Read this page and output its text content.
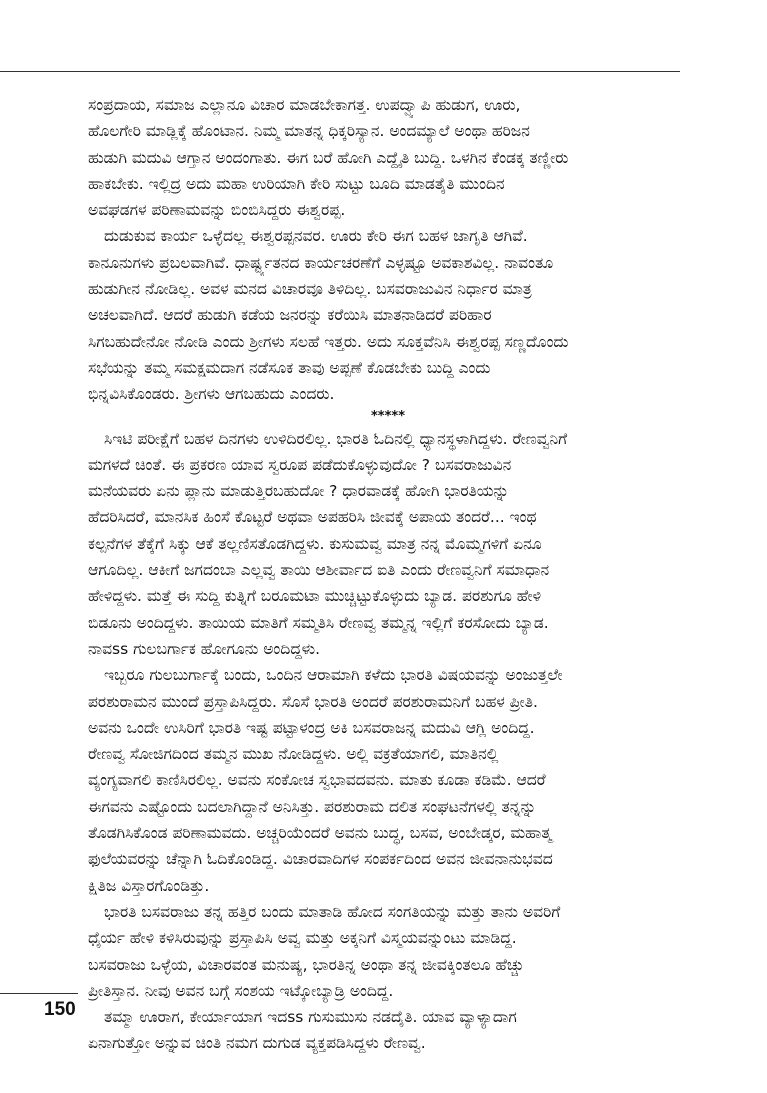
ಸಂಪ್ರದಾಯ, ಸಮಾಜ ಎಲ್ಲಾನೂ ವಿಚಾರ ಮಾಡಬೇಕಾಗತ್ತ. ಉಪದ್ವ್ಯಾಪಿ ಹುಡುಗ, ಊರು,
ಹೊಲಗೇರಿ ಮಾಡ್ಲಿಕ್ಕೆ ಹೊಂಟಾನ. ನಿಮ್ಮ ಮಾತನ್ನ ಧಿಕ್ಕರಿಸ್ಯಾನ. ಅಂದಮ್ಯಾಲೆ ಅಂಥಾ ಹರಿಜನ
ಹುಡುಗಿ ಮದುವಿ ಆಗ್ತಾನ ಅಂದಂಗಾತು. ಈಗ ಬರೆ ಹೋಗಿ ಎದ್ದೈತಿ ಬುದ್ದಿ. ಒಳಗಿನ ಕೆಂಡಕ್ಕ ತಣ್ಣೀರು
ಹಾಕಬೇಕು. ಇಲ್ಲಿದ್ರ ಅದು ಮಹಾ ಉರಿಯಾಗಿ ಕೇರಿ ಸುಟ್ಟು ಬೂದಿ ಮಾಡತೈತಿ ಮುಂದಿನ
ಅವಘಡಗಳ ಪರಿಣಾಮವನ್ನು ಬಿಂಬಿಸಿದ್ದರು ಈಶ್ವರಪ್ಪ.
ದುಡುಕುವ ಕಾರ್ಯ ಒಳ್ಳೆದಲ್ಲ ಈಶ್ವರಪ್ಪನವರ. ಊರು ಕೇರಿ ಈಗ ಬಹಳ ಜಾಗೃತಿ ಆಗಿವೆ.
ಕಾನೂನುಗಳು ಪ್ರಬಲವಾಗಿವೆ. ಧಾರ್ಷ್ಟ್ಯತನದ ಕಾರ್ಯಚರಣೆಗೆ ಎಳ್ಳಷ್ಟೂ ಅವಕಾಶವಿಲ್ಲ. ನಾವಂತೂ
ಹುಡುಗೀನ ನೋಡಿಲ್ಲ. ಅವಳ ಮನದ ವಿಚಾರವೂ ತಿಳಿದಿಲ್ಲ. ಬಸವರಾಜುವಿನ ನಿರ್ಧಾರ ಮಾತ್ರ
ಅಚಲವಾಗಿದೆ. ಆದರೆ ಹುಡುಗಿ ಕಡೆಯ ಜನರನ್ನು ಕರೆಯಿಸಿ ಮಾತನಾಡಿದರೆ ಪರಿಹಾರ
ಸಿಗಬಹುದೇನೋ ನೋಡಿ ಎಂದು ಶ್ರೀಗಳು ಸಲಹೆ ಇತ್ತರು. ಅದು ಸೂಕ್ತವೆನಿಸಿ ಈಶ್ವರಪ್ಪ ಸಣ್ಣದೊಂದು
ಸಭೆಯನ್ನು ತಮ್ಮ ಸಮಕ್ಷಮದಾಗ ನಡೆಸೂಕ ತಾವು ಅಪ್ಪಣೆ ಕೊಡಬೇಕು ಬುದ್ದಿ ಎಂದು
ಭಿನ್ನವಿಸಿಕೊಂಡರು. ಶ್ರೀಗಳು ಆಗಬಹುದು ಎಂದರು.
*****
ಸಿಇಟಿ ಪರೀಕ್ಷೆಗೆ ಬಹಳ ದಿನಗಳು ಉಳಿದಿರಲಿಲ್ಲ. ಭಾರತಿ ಓದಿನಲ್ಲಿ ಧ್ಯಾನಸ್ಥಳಾಗಿದ್ದಳು. ರೇಣವ್ವನಿಗೆ
ಮಗಳದೆ ಚಿಂತೆ. ಈ ಪ್ರಕರಣ ಯಾವ ಸ್ವರೂಪ ಪಡೆದುಕೊಳ್ಳುವುದೋ ? ಬಸವರಾಜುವಿನ
ಮನೆಯವರು ಏನು ಪ್ಲಾನು ಮಾಡುತ್ತಿರಬಹುದೋ ? ಧಾರವಾಡಕ್ಕೆ ಹೋಗಿ ಭಾರತಿಯನ್ನು
ಹೆದರಿಸಿದರೆ, ಮಾನಸಿಕ ಹಿಂಸೆ ಕೊಟ್ಟರೆ ಅಥವಾ ಅಪಹರಿಸಿ ಜೀವಕ್ಕೆ ಅಪಾಯ ತಂದರೆ... ಇಂಥ
ಕಲ್ಪನೆಗಳ ತೆಕ್ಕೆಗೆ ಸಿಕ್ಕು ಆಕೆ ತಲ್ಲಣಿಸತೊಡಗಿದ್ದಳು. ಕುಸುಮವ್ವ ಮಾತ್ರ ನನ್ನ ಮೊಮ್ಮಗಳಿಗೆ ಏನೂ
ಆಗೂದಿಲ್ಲ. ಆಕೀಗೆ ಜಗದಂಬಾ ಎಲ್ಲವ್ವ ತಾಯಿ ಆಶೀರ್ವಾದ ಐತಿ ಎಂದು ರೇಣವ್ವನಿಗೆ ಸಮಾಧಾನ
ಹೇಳಿದ್ದಳು. ಮತ್ತೆ ಈ ಸುದ್ದಿ ಕುತ್ನಿಗೆ ಬರೂಮಟಾ ಮುಚ್ಚಿಟ್ಟುಕೊಳ್ಳುದು ಬ್ಯಾಡ. ಪರಶುಗೂ ಹೇಳಿ
ಬಿಡೂನು ಅಂದಿದ್ದಳು. ತಾಯಿಯ ಮಾತಿಗೆ ಸಮ್ಮತಿಸಿ ರೇಣವ್ವ ತಮ್ಮನ್ನ ಇಲ್ಲಿಗೆ ಕರಸೋದು ಬ್ಯಾಡ.
ನಾವss ಗುಲಬರ್ಗಾಕ ಹೋಗೂನು ಅಂದಿದ್ದಳು.
ಇಬ್ಬರೂ ಗುಲಬುರ್ಗಾಕ್ಕೆ ಬಂದು, ಒಂದಿನ ಆರಾಮಾಗಿ ಕಳೆದು ಭಾರತಿ ವಿಷಯವನ್ನು ಅಂಜುತ್ತಲೇ
ಪರಶುರಾಮನ ಮುಂದೆ ಪ್ರಸ್ತಾಪಿಸಿದ್ದರು. ಸೊಸೆ ಭಾರತಿ ಅಂದರೆ ಪರಶುರಾಮನಿಗೆ ಬಹಳ ಪ್ರೀತಿ.
ಅವನು ಒಂದೇ ಉಸಿರಿಗೆ ಭಾರತಿ ಇಷ್ಟ ಪಟ್ಟಾಳಂದ್ರ ಅಕಿ ಬಸವರಾಜನ್ನ ಮದುವಿ ಆಗ್ಲಿ ಅಂದಿದ್ದ.
ರೇಣವ್ವ ಸೋಜಿಗದಿಂದ ತಮ್ಮನ ಮುಖ ನೋಡಿದ್ದಳು. ಅಲ್ಲಿ ವಕ್ರತೆಯಾಗಲಿ, ಮಾತಿನಲ್ಲಿ
ವ್ಯಂಗ್ಯವಾಗಲಿ ಕಾಣಿಸಿರಲಿಲ್ಲ. ಅವನು ಸಂಕೋಚ ಸ್ವಭಾವದವನು. ಮಾತು ಕೂಡಾ ಕಡಿಮೆ. ಆದರೆ
ಈಗವನು ಎಷ್ಟೊಂದು ಬದಲಾಗಿದ್ದಾನೆ ಅನಿಸಿತ್ತು. ಪರಶುರಾಮ ದಲಿತ ಸಂಘಟನೆಗಳಲ್ಲಿ ತನ್ನನ್ನು
ತೊಡಗಿಸಿಕೊಂಡ ಪರಿಣಾಮವದು. ಅಚ್ಚರಿಯೆಂದರೆ ಅವನು ಬುದ್ಧ, ಬಸವ, ಅಂಬೇಡ್ಕರ, ಮಹಾತ್ಮ
ಫುಲೆಯವರನ್ನು ಚೆನ್ನಾಗಿ ಓದಿಕೊಂಡಿದ್ದ. ವಿಚಾರವಾದಿಗಳ ಸಂಪರ್ಕದಿಂದ ಅವನ ಜೀವನಾನುಭವದ
ಕ್ಷಿತಿಜ ವಿಸ್ತಾರಗೊಂಡಿತ್ತು.
ಭಾರತಿ ಬಸವರಾಜು ತನ್ನ ಹತ್ತಿರ ಬಂದು ಮಾತಾಡಿ ಹೋದ ಸಂಗತಿಯನ್ನು ಮತ್ತು ತಾನು ಅವರಿಗೆ
ಧೈರ್ಯ ಹೇಳಿ ಕಳಿಸಿರುವುನ್ನು ಪ್ರಸ್ತಾಪಿಸಿ ಅವ್ವ ಮತ್ತು ಅಕ್ಕನಿಗೆ ವಿಸ್ಮಯವನ್ನುಂಟು ಮಾಡಿದ್ದ.
ಬಸವರಾಜು ಒಳ್ಳೆಯ, ವಿಚಾರವಂತ ಮನುಷ್ಯ, ಭಾರತಿನ್ನ ಅಂಥಾ ತನ್ನ ಜೀವಕ್ಕಿಂತಲೂ ಹೆಚ್ಚು
ಪ್ರೀತಿಸ್ತಾನ. ನೀವು ಅವನ ಬಗ್ಗೆ ಸಂಶಯ ಇಟ್ಕೋಬ್ಯಾಡ್ರಿ ಅಂದಿದ್ದ.
ತಮ್ಮಾ ಊರಾಗ, ಕೇರ್ಯಾಯಾಗ ಇದss ಗುಸುಮುಸು ನಡದೈತಿ. ಯಾವ ವ್ಯಾಳ್ಯಾದಾಗ
ಏನಾಗುತ್ತೋ ಅನ್ನುವ ಚಿಂತಿ ನಮಗ ದುಗುಡ ವ್ಯಕ್ತಪಡಿಸಿದ್ದಳು ರೇಣವ್ವ.
150
